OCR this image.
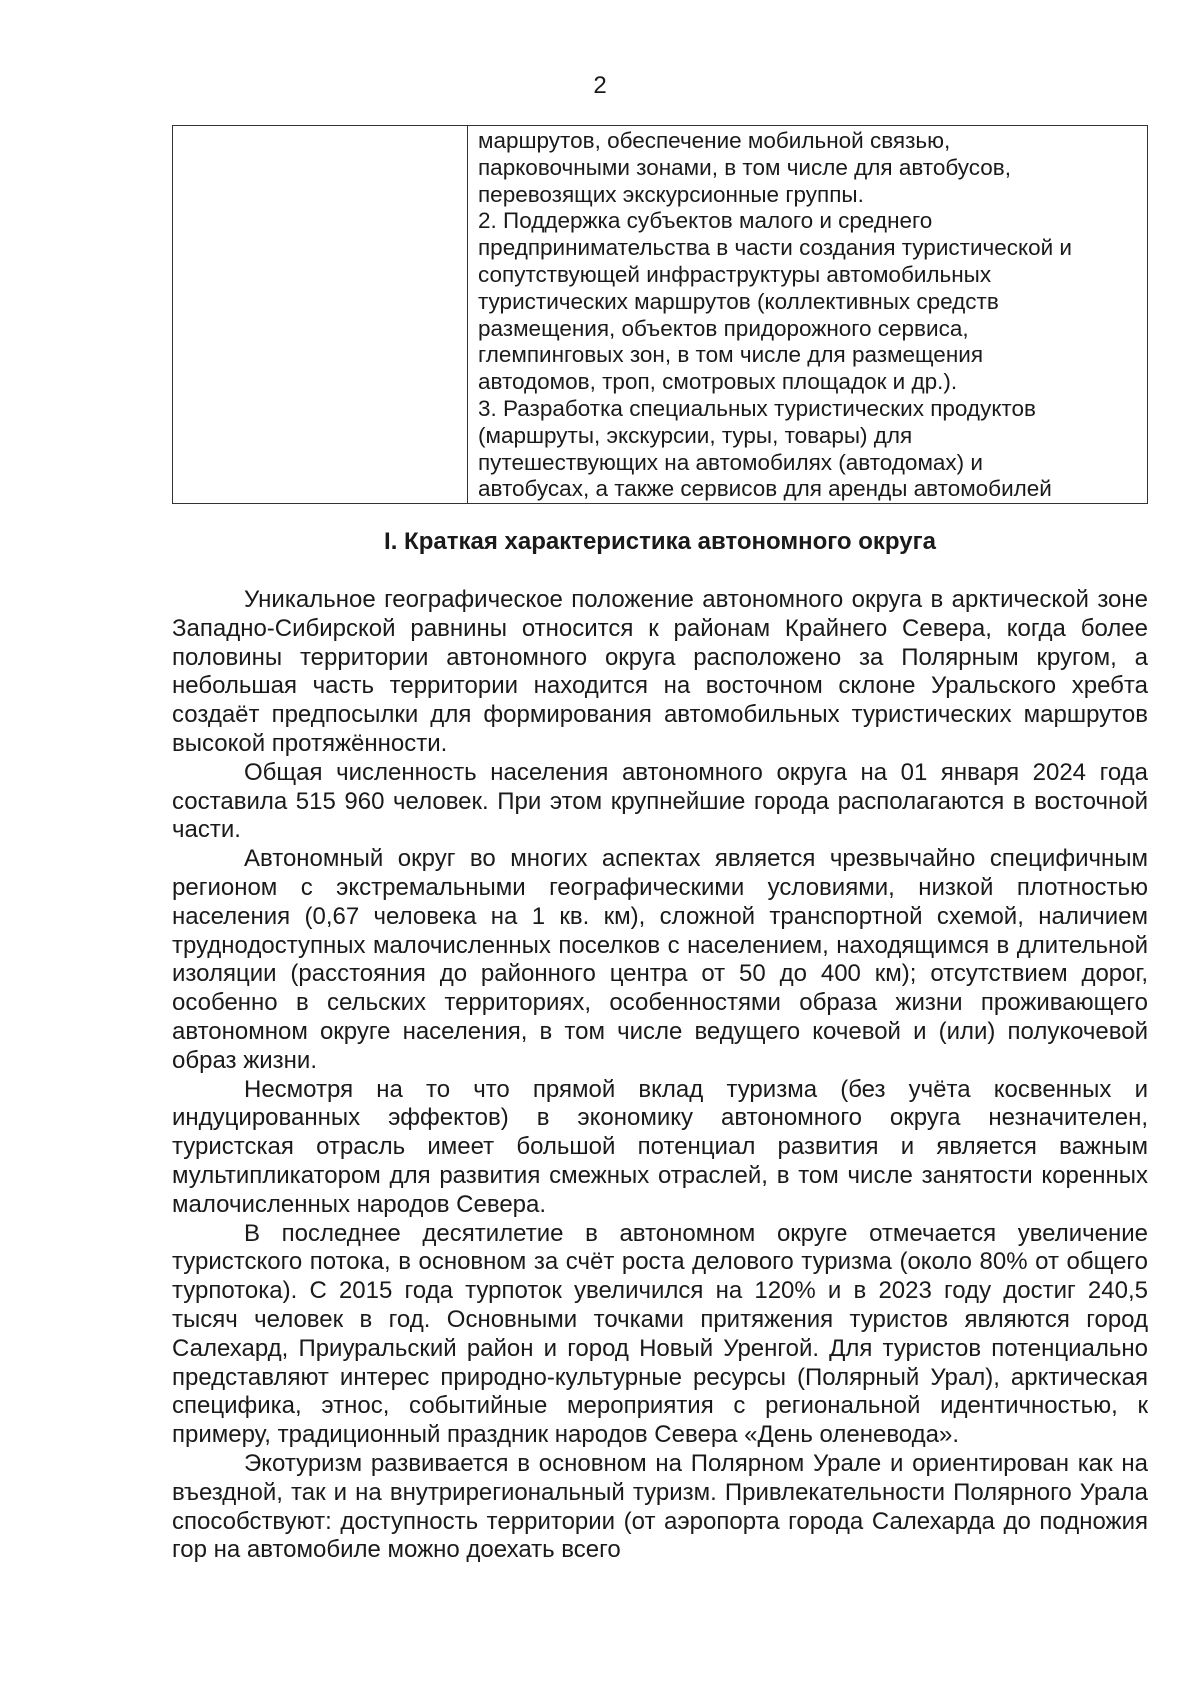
2

маршрутов, обеспечение мобильной связью,
парковочными зонами, в том числе для автобусов,
перевозящих экскурсионные группы.

2. Поддержка субъектов малого и среднего
предпринимательства в части создания туристической и
сопутствующей инфраструктуры автомобильных
туристических маршрутов (коллективных средств
размещения, объектов придорожного сервиса,
глемпинговых зон, в том числе для размещения
автодомов, троп, смотровых площадок и др.).

3. Разработка специальных туристических продуктов
(маршруты, экскурсии, туры, товары) для
путешествующих на автомобилях (автодомах) и
автобусах, а также сервисов для аренды автомобилей

I. Краткая характеристика автономного округа

Уникальное географическое положение автономного округа в арктической зоне Западно-Сибирской равнины относится к районам Крайнего Севера, когда более половины территории автономного округа расположено за Полярным кругом, а небольшая часть территории находится на восточном склоне Уральского хребта создаёт предпосылки для формирования автомобильных туристических маршрутов высокой протяжённости.

Общая численность населения автономного округа на 01 января 2024 года составила 515 960 человек. При этом крупнейшие города располагаются в восточной части.

Автономный округ во многих аспектах является чрезвычайно специфичным регионом с экстремальными географическими условиями, низкой плотностью населения (0,67 человека на 1 кв. км), сложной транспортной схемой, наличием труднодоступных малочисленных поселков с населением, находящимся в длительной изоляции (расстояния до районного центра от 50 до 400 км); отсутствием дорог, особенно в сельских территориях, особенностями образа жизни проживающего автономном округе населения, в том числе ведущего кочевой и (или) полукочевой образ жизни.

Несмотря на то что прямой вклад туризма (без учёта косвенных и индуцированных эффектов) в экономику автономного округа незначителен, туристская отрасль имеет большой потенциал развития и является важным мультипликатором для развития смежных отраслей, в том числе занятости коренных малочисленных народов Севера.

В последнее десятилетие в автономном округе отмечается увеличение туристского потока, в основном за счёт роста делового туризма (около 80% от общего турпотока). С 2015 года турпоток увеличился на 120% и в 2023 году достиг 240,5 тысяч человек в год. Основными точками притяжения туристов являются город Салехард, Приуральский район и город Новый Уренгой. Для туристов потенциально представляют интерес природно-культурные ресурсы (Полярный Урал), арктическая специфика, этнос, событийные мероприятия с региональной идентичностью, к примеру, традиционный праздник народов Севера «День оленевода».

Экотуризм развивается в основном на Полярном Урале и ориентирован как на въездной, так и на внутрирегиональный туризм. Привлекательности Полярного Урала способствуют: доступность территории (от аэропорта города Салехарда до подножия гор на автомобиле можно доехать всего
